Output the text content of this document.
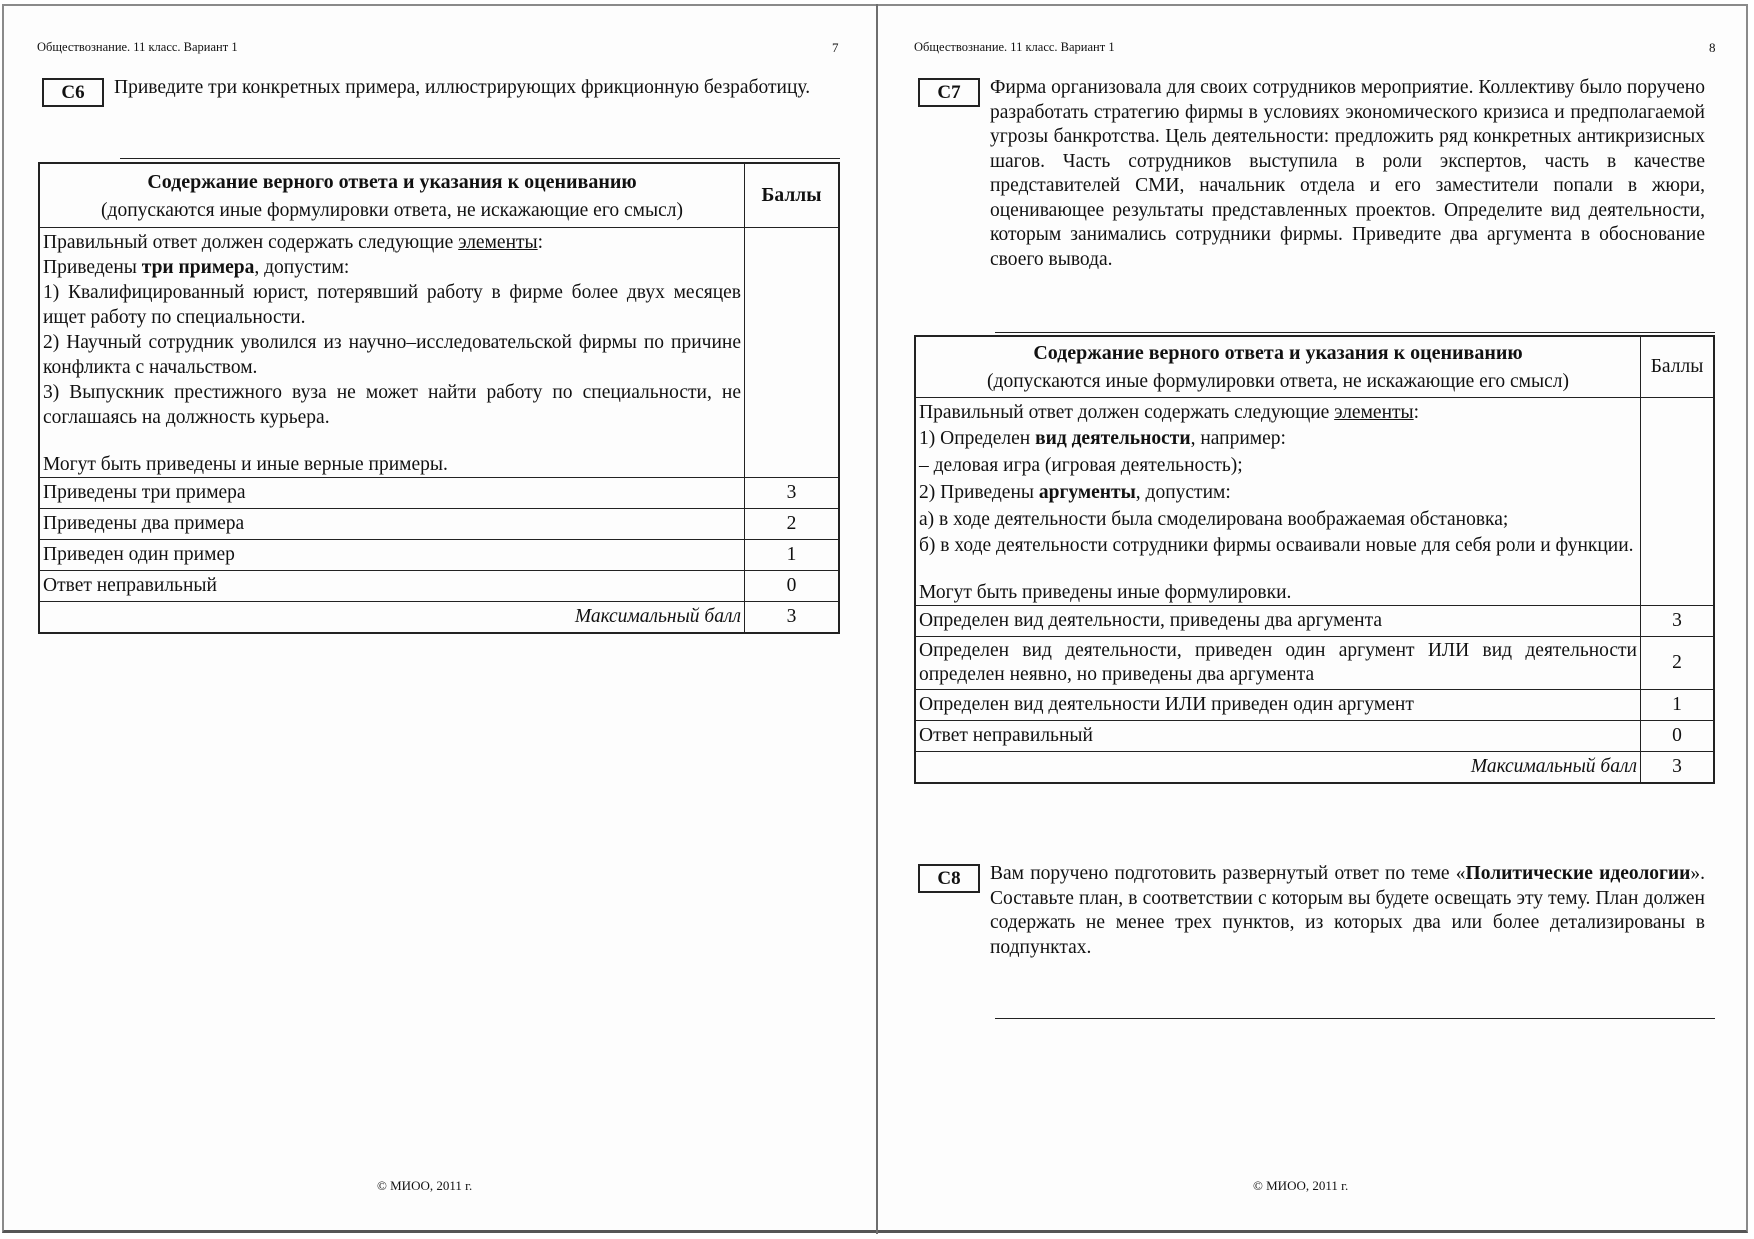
Обществознание. 11 класс. Вариант 1	7
С6	Приведите три конкретных примера, иллюстрирующих фрикционную безработицу.
Содержание верного ответа и указания к оцениванию
(допускаются иные формулировки ответа, не искажающие его смысл)	Баллы

Правильный ответ должен содержать следующие элементы:

Приведены три примера, допустим:

1) Квалифицированный юрист, потерявший работу в фирме более двух месяцев ищет работу по специальности.

2) Научный сотрудник уволился из научно–исследовательской фирмы по причине конфликта с начальством.

3) Выпускник престижного вуза не может найти работу по специальности, не соглашаясь на должность курьера.

Могут быть приведены и иные верные примеры.

Приведены три примера	3
Приведены два примера	2
Приведен один пример	1
Ответ неправильный	0
Максимальный балл	3
© МИОО, 2011 г.
Обществознание. 11 класс. Вариант 1	8
С7	Фирма организовала для своих сотрудников мероприятие. Коллективу было поручено разработать стратегию фирмы в условиях экономического кризиса и предполагаемой угрозы банкротства. Цель деятельности: предложить ряд конкретных антикризисных шагов. Часть сотрудников выступила в роли экспертов, часть в качестве представителей СМИ, начальник отдела и его заместители попали в жюри, оценивающее результаты представленных проектов. Определите вид деятельности, которым занимались сотрудники фирмы. Приведите два аргумента в обоснование своего вывода.
Содержание верного ответа и указания к оцениванию
(допускаются иные формулировки ответа, не искажающие его смысл)	Баллы

Правильный ответ должен содержать следующие элементы:

1) Определен вид деятельности, например:

– деловая игра (игровая деятельность);

2) Приведены аргументы, допустим:

а) в ходе деятельности была смоделирована воображаемая обстановка;

б) в ходе деятельности сотрудники фирмы осваивали новые для себя роли и функции.

Могут быть приведены иные формулировки.

Определен вид деятельности, приведены два аргумента	3
Определен вид деятельности, приведен один аргумент ИЛИ вид деятельности определен неявно, но приведены два аргумента	2
Определен вид деятельности ИЛИ приведен один аргумент	1
Ответ неправильный	0
Максимальный балл	3
С8	Вам поручено подготовить развернутый ответ по теме «Политические идеологии». Составьте план, в соответствии с которым вы будете освещать эту тему. План должен содержать не менее трех пунктов, из которых два или более детализированы в подпунктах.
© МИОО, 2011 г.
